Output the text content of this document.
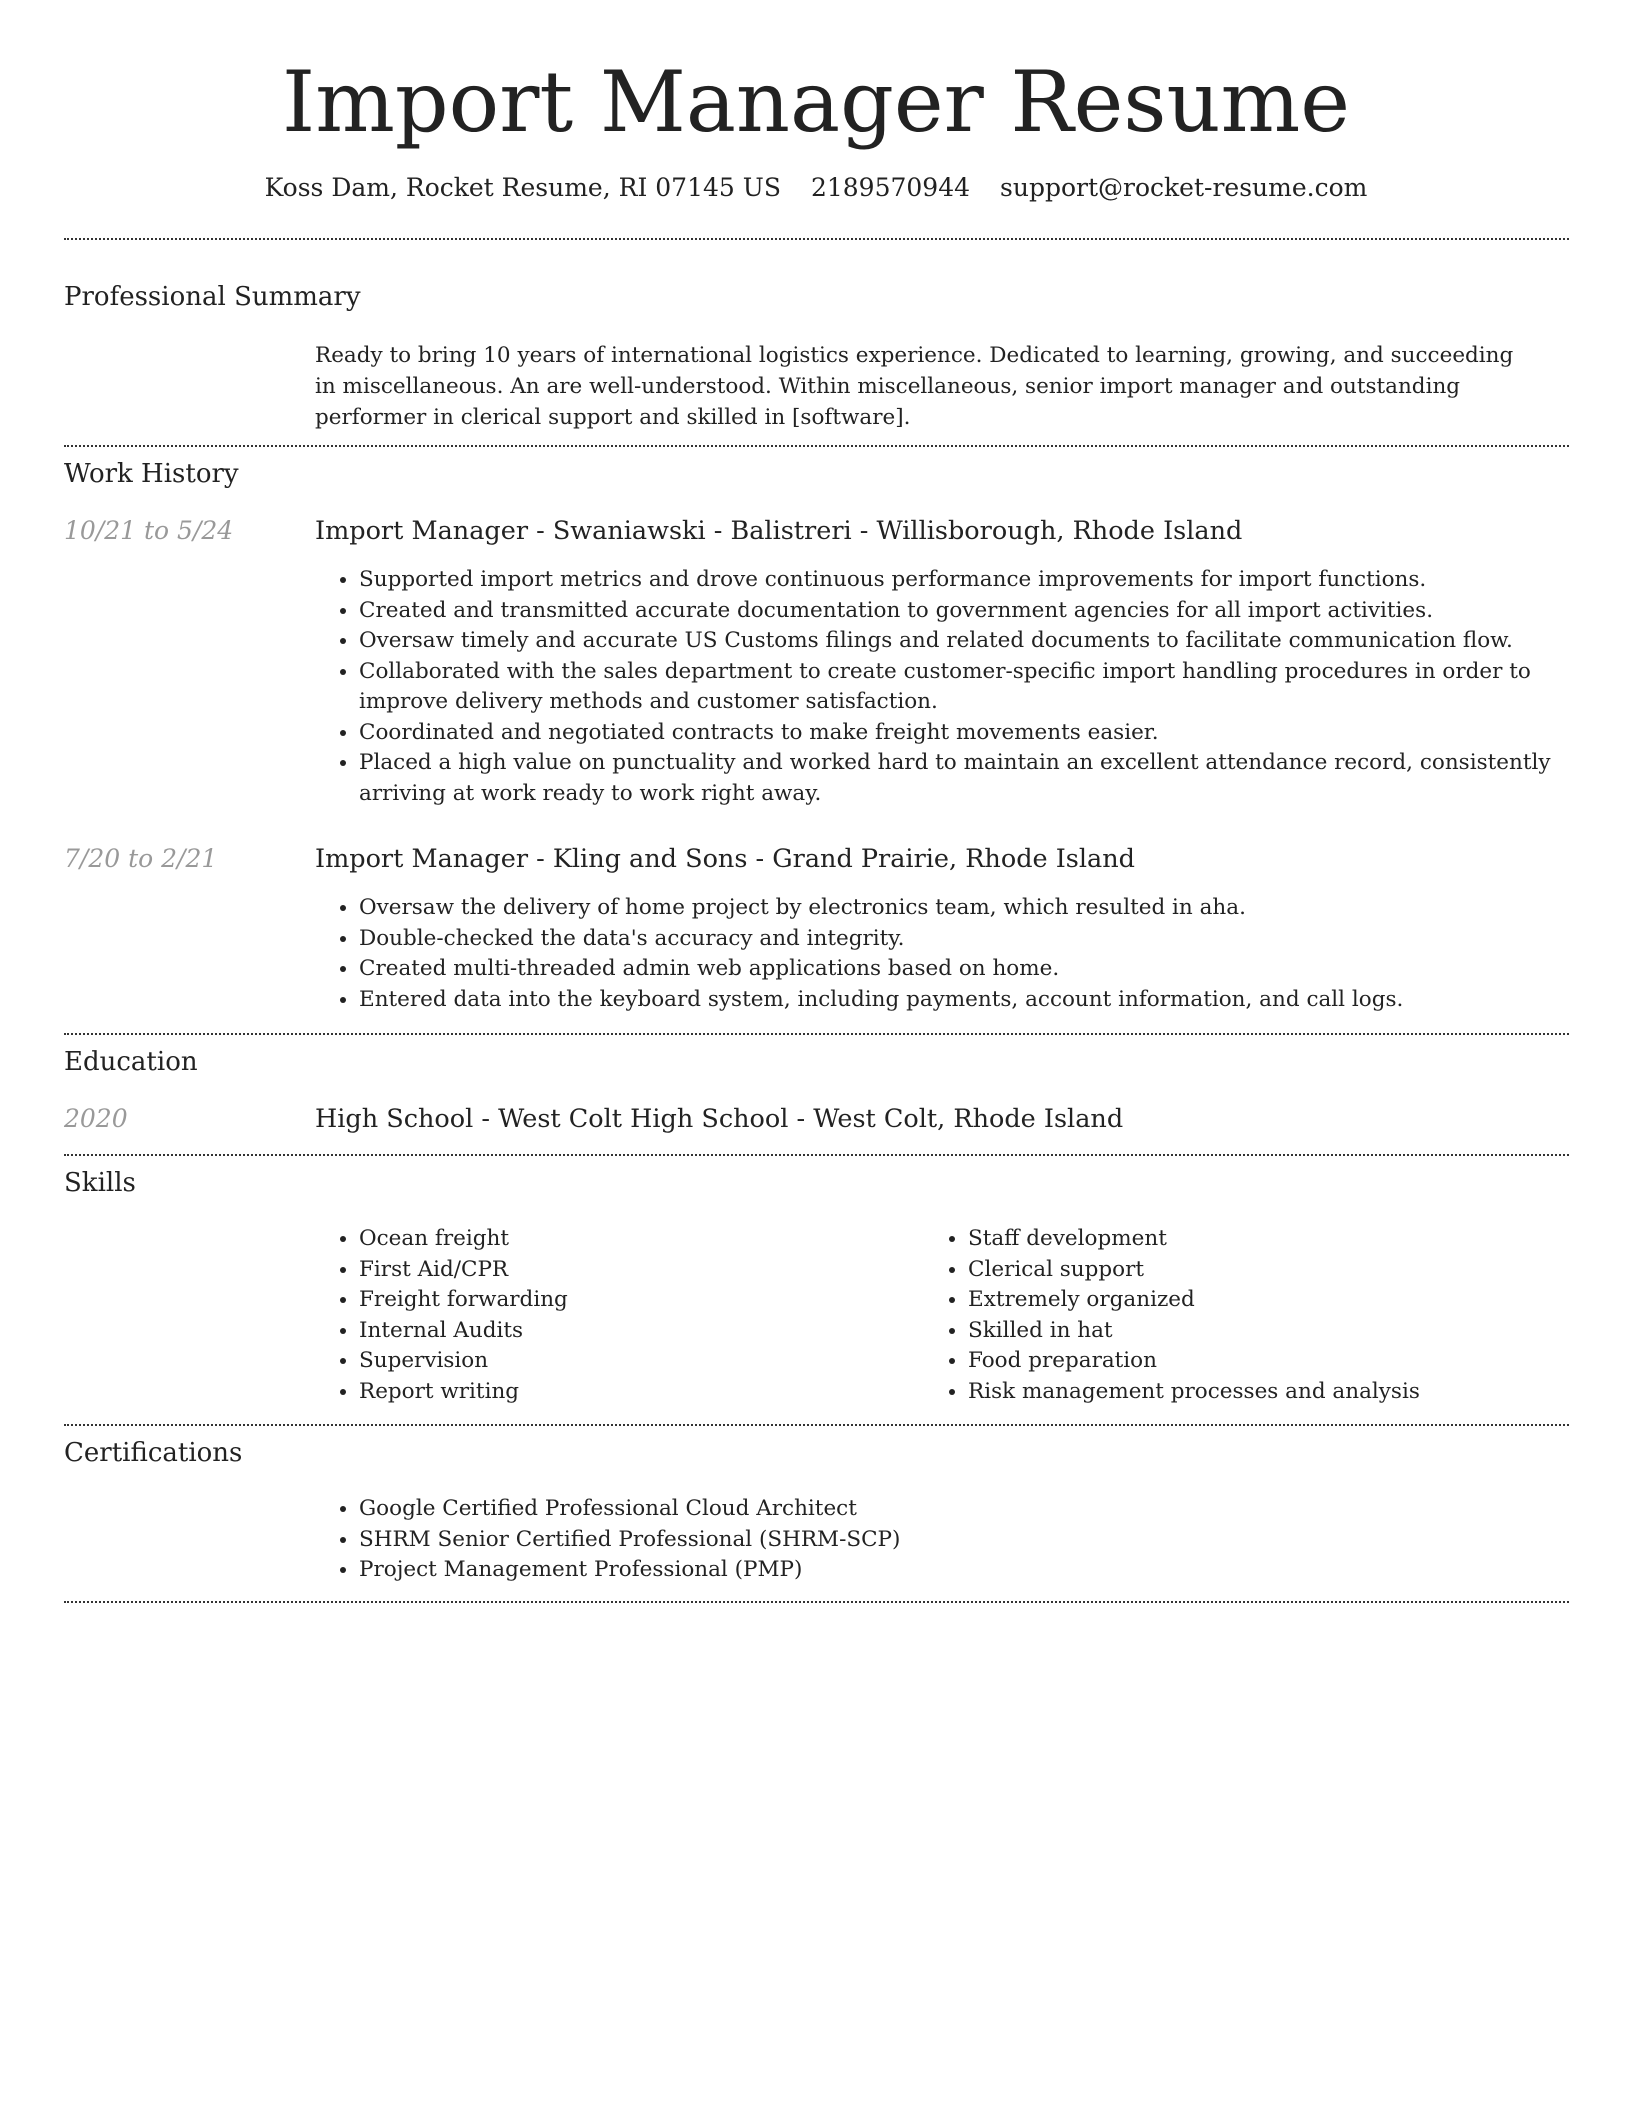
Import Manager Resume
Koss Dam, Rocket Resume, RI 07145 US 2189570944 support@rocket-resume.com
Professional Summary

Ready to bring 10 years of international logistics experience. Dedicated to learning, growing, and succeeding in miscellaneous. An are well-understood. Within miscellaneous, senior import manager and outstanding performer in clerical support and skilled in [software].

Work History
10/21 to 5/24	Import Manager - Swaniawski - Balistreri - Willisborough, Rhode Island
• Supported import metrics and drove continuous performance improvements for import functions.
• Created and transmitted accurate documentation to government agencies for all import activities.
• Oversaw timely and accurate US Customs filings and related documents to facilitate communication flow.
• Collaborated with the sales department to create customer-specific import handling procedures in order to improve delivery methods and customer satisfaction.
• Coordinated and negotiated contracts to make freight movements easier.
• Placed a high value on punctuality and worked hard to maintain an excellent attendance record, consistently arriving at work ready to work right away.
7/20 to 2/21	Import Manager - Kling and Sons - Grand Prairie, Rhode Island
• Oversaw the delivery of home project by electronics team, which resulted in aha.
• Double-checked the data's accuracy and integrity.
• Created multi-threaded admin web applications based on home.
• Entered data into the keyboard system, including payments, account information, and call logs.
Education
2020	High School - West Colt High School - West Colt, Rhode Island
Skills
• Ocean freight
• First Aid/CPR
• Freight forwarding
• Internal Audits
• Supervision
• Report writing
• Staff development
• Clerical support
• Extremely organized
• Skilled in hat
• Food preparation
• Risk management processes and analysis
Certifications
• Google Certified Professional Cloud Architect
• SHRM Senior Certified Professional (SHRM-SCP)
• Project Management Professional (PMP)
